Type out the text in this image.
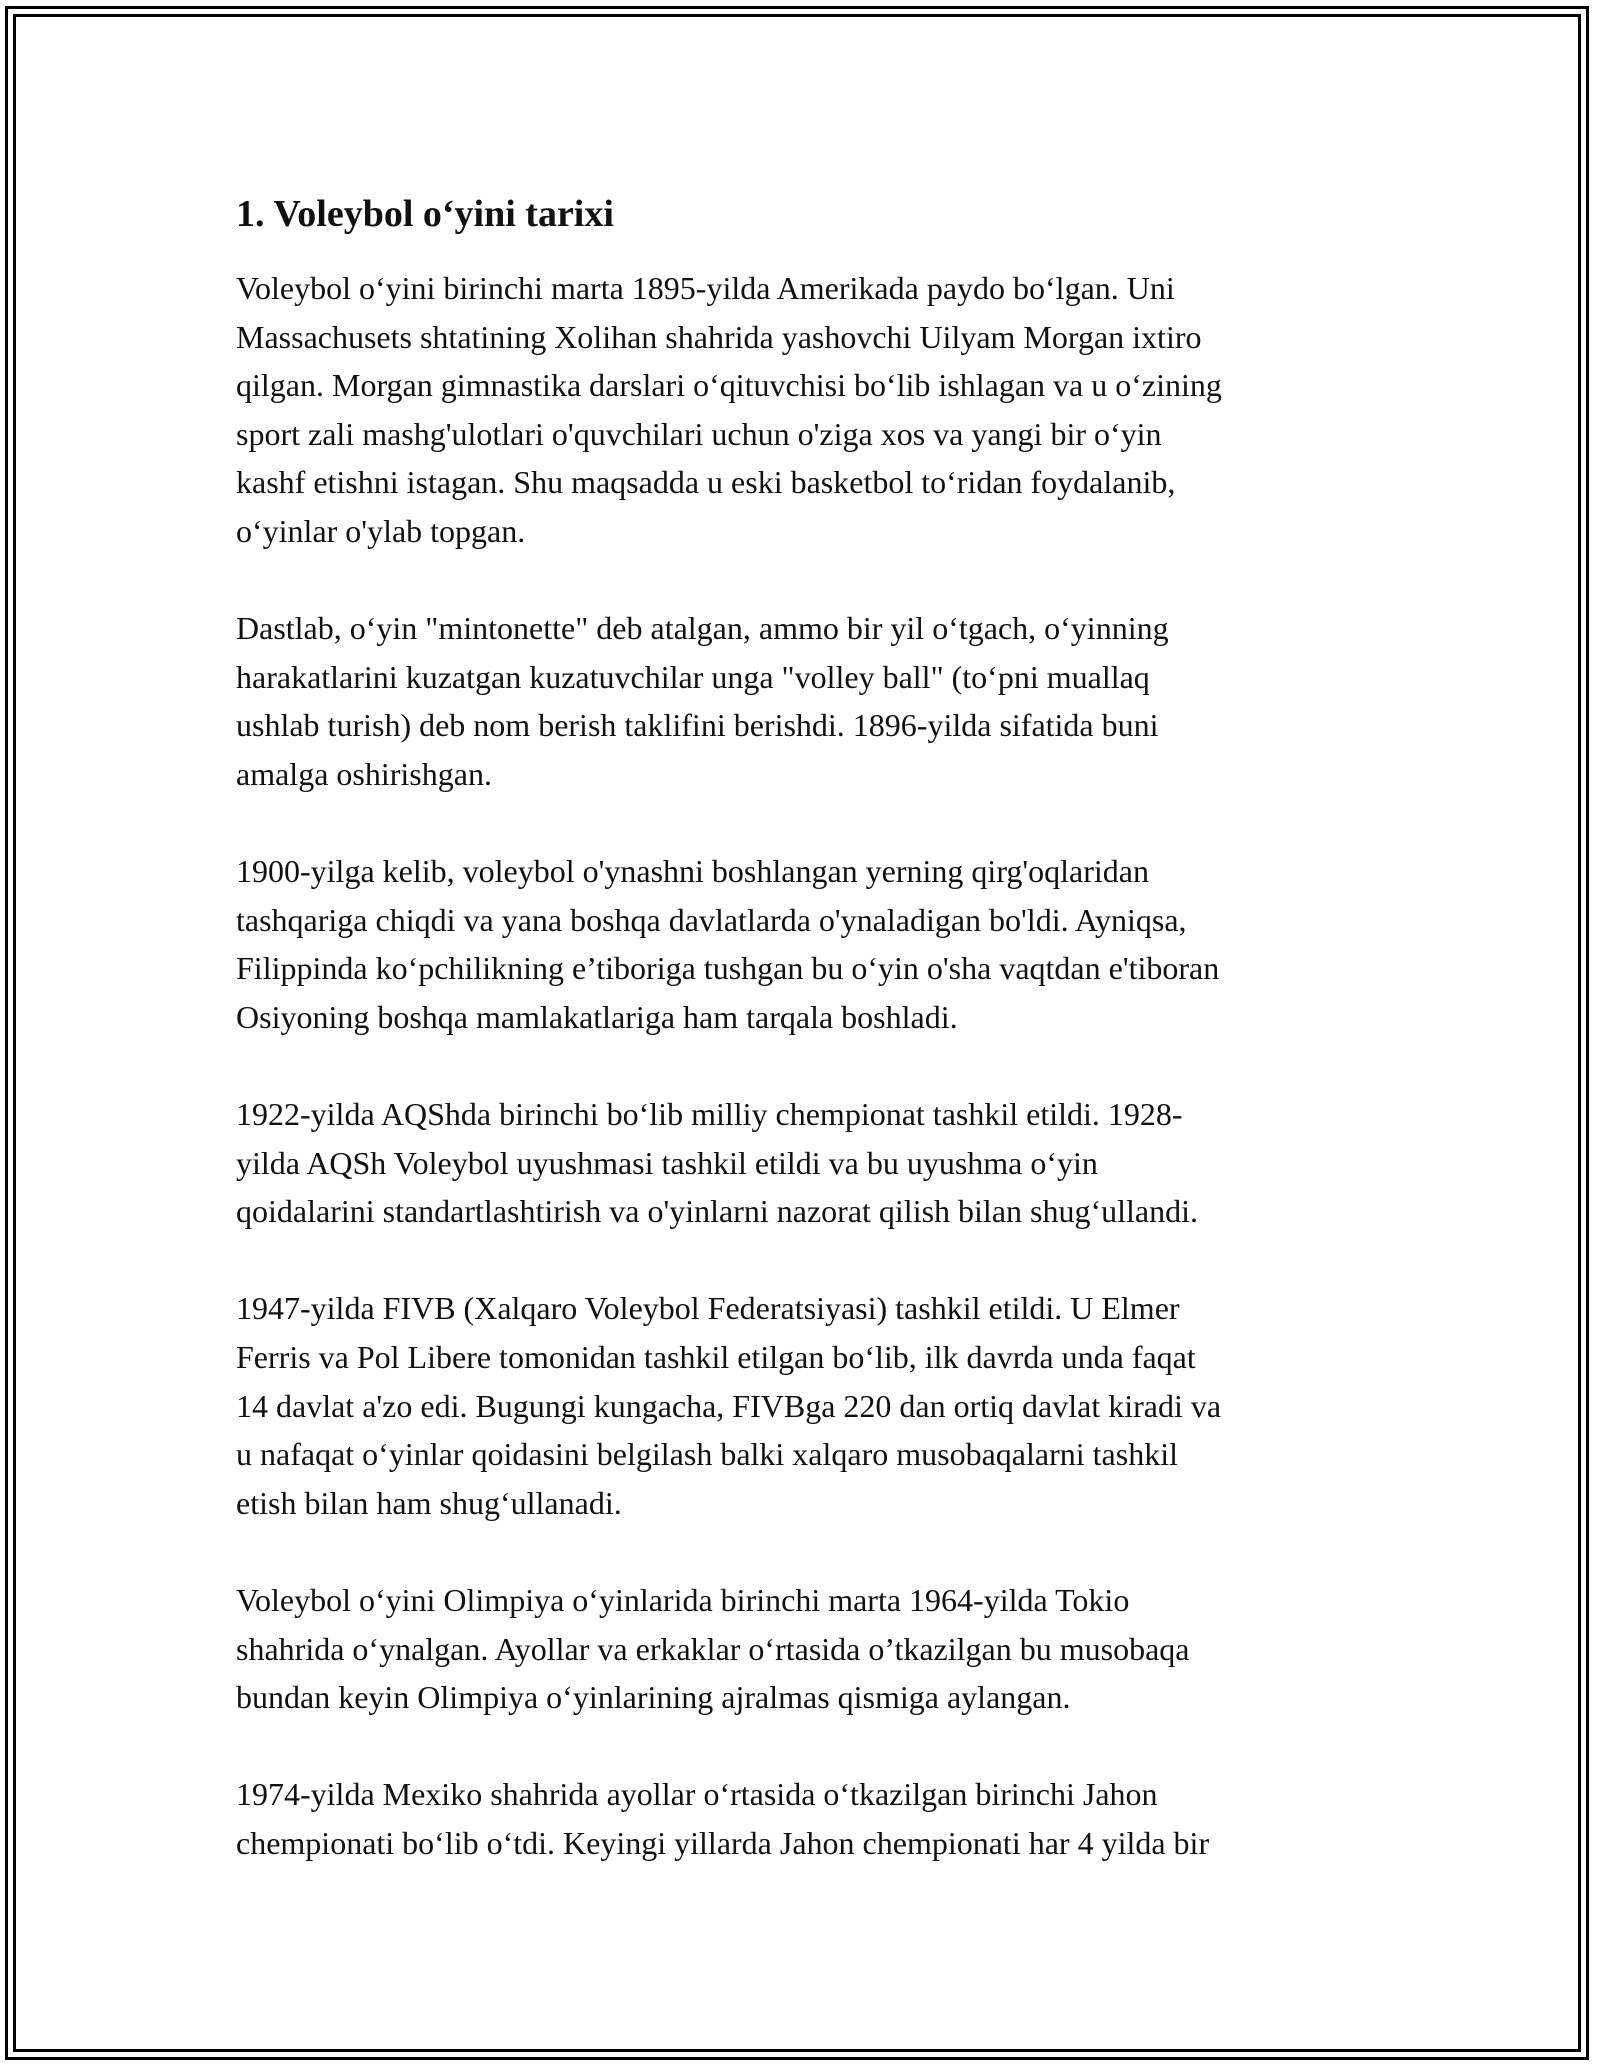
1. Voleybol o‘yini tarixi

Voleybol o‘yini birinchi marta 1895-yilda Amerikada paydo bo‘lgan. Uni
Massachusets shtatining Xolihan shahrida yashovchi Uilyam Morgan ixtiro
qilgan. Morgan gimnastika darslari o‘qituvchisi bo‘lib ishlagan va u o‘zining
sport zali mashg'ulotlari o'quvchilari uchun o'ziga xos va yangi bir o‘yin
kashf etishni istagan. Shu maqsadda u eski basketbol to‘ridan foydalanib,
o‘yinlar o'ylab topgan.

Dastlab, o‘yin "mintonette" deb atalgan, ammo bir yil o‘tgach, o‘yinning
harakatlarini kuzatgan kuzatuvchilar unga "volley ball" (to‘pni muallaq
ushlab turish) deb nom berish taklifini berishdi. 1896-yilda sifatida buni
amalga oshirishgan.

1900-yilga kelib, voleybol o'ynashni boshlangan yerning qirg'oqlaridan
tashqariga chiqdi va yana boshqa davlatlarda o'ynaladigan bo'ldi. Ayniqsa,
Filippinda ko‘pchilikning e’tiboriga tushgan bu o‘yin o'sha vaqtdan e'tiboran
Osiyoning boshqa mamlakatlariga ham tarqala boshladi.

1922-yilda AQShda birinchi bo‘lib milliy chempionat tashkil etildi. 1928-
yilda AQSh Voleybol uyushmasi tashkil etildi va bu uyushma o‘yin
qoidalarini standartlashtirish va o'yinlarni nazorat qilish bilan shug‘ullandi.

1947-yilda FIVB (Xalqaro Voleybol Federatsiyasi) tashkil etildi. U Elmer
Ferris va Pol Libere tomonidan tashkil etilgan bo‘lib, ilk davrda unda faqat
14 davlat a'zo edi. Bugungi kungacha, FIVBga 220 dan ortiq davlat kiradi va
u nafaqat o‘yinlar qoidasini belgilash balki xalqaro musobaqalarni tashkil
etish bilan ham shug‘ullanadi.

Voleybol o‘yini Olimpiya o‘yinlarida birinchi marta 1964-yilda Tokio
shahrida o‘ynalgan. Ayollar va erkaklar o‘rtasida o’tkazilgan bu musobaqa
bundan keyin Olimpiya o‘yinlarining ajralmas qismiga aylangan.

1974-yilda Mexiko shahrida ayollar o‘rtasida o‘tkazilgan birinchi Jahon
chempionati bo‘lib o‘tdi. Keyingi yillarda Jahon chempionati har 4 yilda bir
